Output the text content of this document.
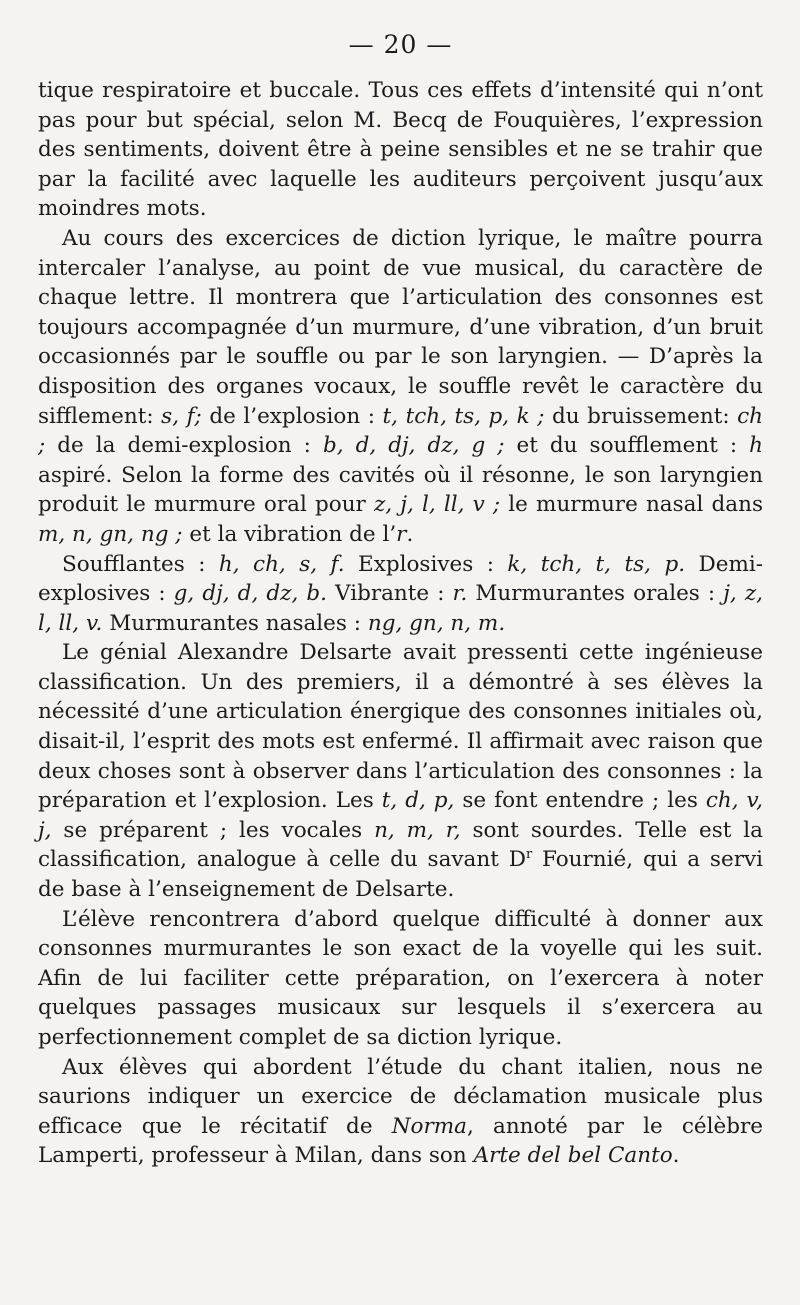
— 20 —

tique respiratoire et buccale. Tous ces effets d’intensité qui n’ont pas pour but spécial, selon M. Becq de Fouquières, l’expression des sentiments, doivent être à peine sensibles et ne se trahir que par la facilité avec laquelle les auditeurs perçoivent jusqu’aux moindres mots.

Au cours des excercices de diction lyrique, le maître pourra intercaler l’analyse, au point de vue musical, du caractère de chaque lettre. Il montrera que l’articulation des consonnes est toujours accompagnée d’un murmure, d’une vibration, d’un bruit occasionnés par le souffle ou par le son laryngien. — D’après la disposition des organes vocaux, le souffle revêt le caractère du sifflement: s, f; de l’explosion : t, tch, ts, p, k ; du bruissement: ch ; de la demi-explosion : b, d, dj, dz, g ; et du soufflement : h aspiré. Selon la forme des cavités où il résonne, le son laryngien produit le murmure oral pour z, j, l, ll, v ; le murmure nasal dans m, n, gn, ng ; et la vibration de l’r.

Soufflantes : h, ch, s, f. Explosives : k, tch, t, ts, p. Demi-explosives : g, dj, d, dz, b. Vibrante : r. Murmurantes orales : j, z, l, ll, v. Murmurantes nasales : ng, gn, n, m.

Le génial Alexandre Delsarte avait pressenti cette ingénieuse classification. Un des premiers, il a démontré à ses élèves la nécessité d’une articulation énergique des consonnes initiales où, disait-il, l’esprit des mots est enfermé. Il affirmait avec raison que deux choses sont à observer dans l’articulation des consonnes : la préparation et l’explosion. Les t, d, p, se font entendre ; les ch, v, j, se préparent ; les vocales n, m, r, sont sourdes. Telle est la classification, analogue à celle du savant $D^r$ Fournié, qui a servi de base à l’enseignement de Delsarte.

L’élève rencontrera d’abord quelque difficulté à donner aux consonnes murmurantes le son exact de la voyelle qui les suit. Afin de lui faciliter cette préparation, on l’exercera à noter quelques passages musicaux sur lesquels il s’exercera au perfectionnement complet de sa diction lyrique.

Aux élèves qui abordent l’étude du chant italien, nous ne saurions indiquer un exercice de déclamation musicale plus efficace que le récitatif de Norma, annoté par le célèbre Lamperti, professeur à Milan, dans son Arte del bel Canto.
